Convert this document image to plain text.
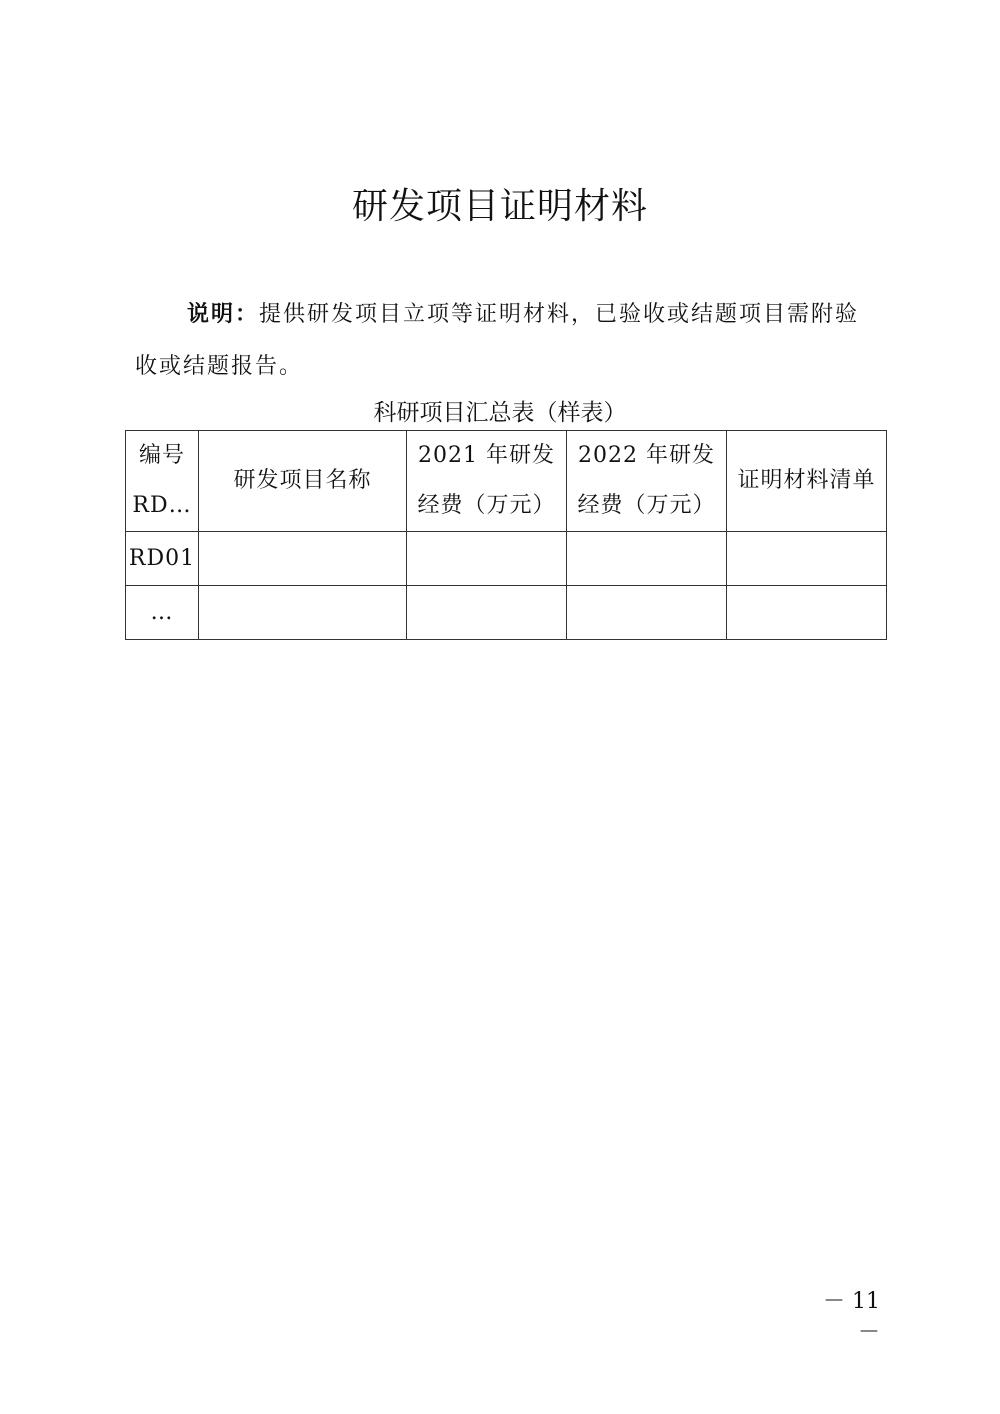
研发项目证明材料
说明：提供研发项目立项等证明材料，已验收或结题项目需附验收或结题报告。
科研项目汇总表（样表）
编号RD…	研发项目名称	2021 年研发经费（万元）	2022 年研发经费（万元）	证明材料清单
RD01				
…				
－ 11 －
